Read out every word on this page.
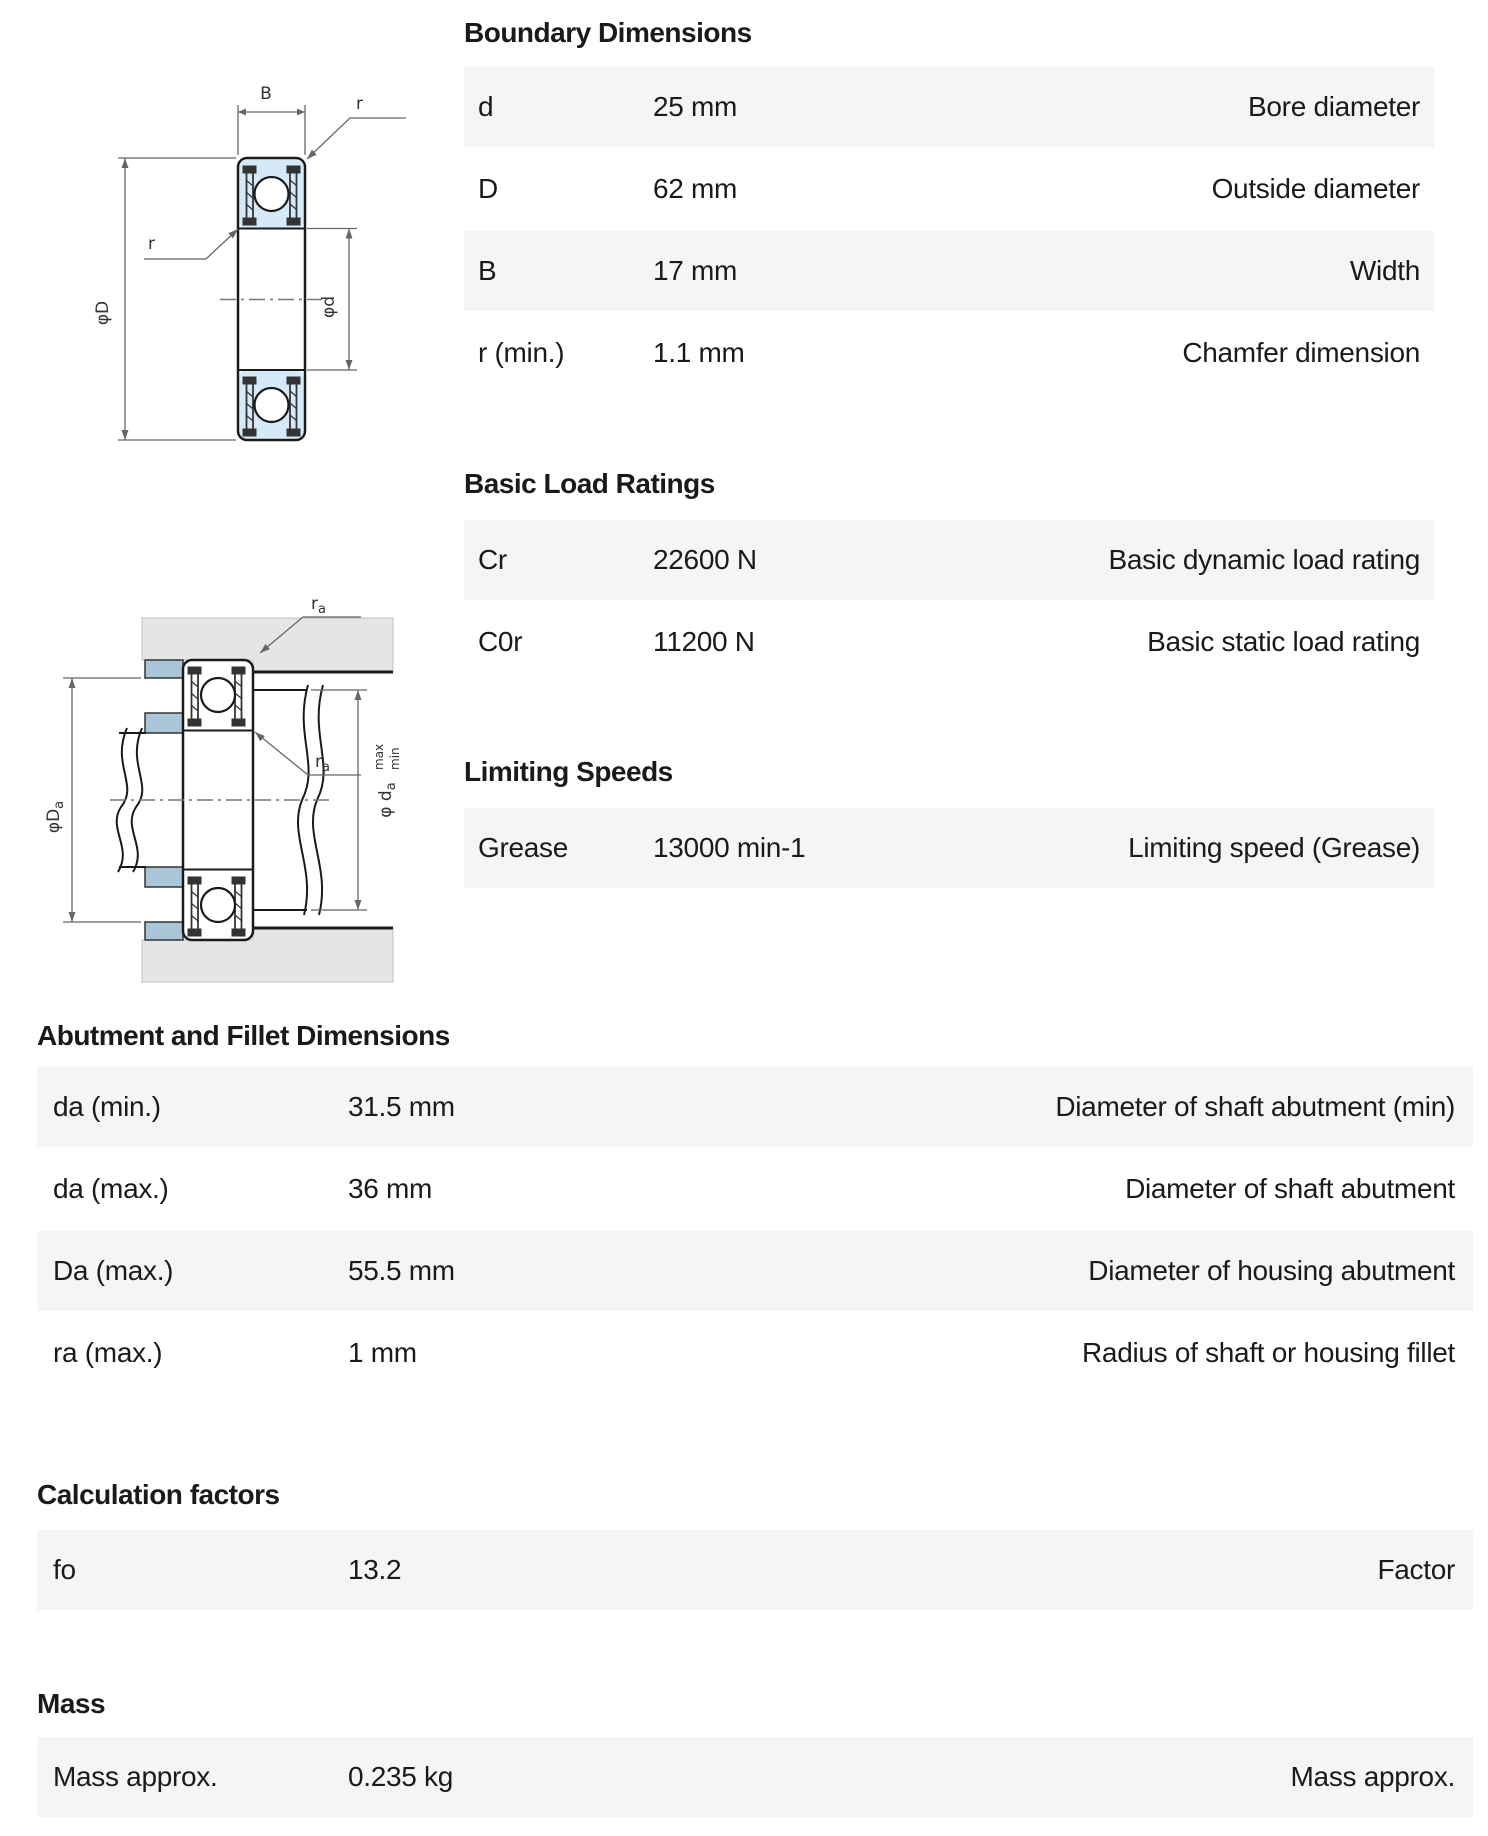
B	r
r
φD	φd
$r_a$
$r_a$
$\varphi D_a$	φ $d_a$
max min
Boundary Dimensions
d	25 mm	Bore diameter
D	62 mm	Outside diameter
B	17 mm	Width
r (min.)	1.1 mm	Chamfer dimension
Basic Load Ratings
Cr	22600 N	Basic dynamic load rating
C0r	11200 N	Basic static load rating
Limiting Speeds
Grease	13000 min-1	Limiting speed (Grease)
Abutment and Fillet Dimensions
da (min.)	31.5 mm	Diameter of shaft abutment (min)
da (max.)	36 mm	Diameter of shaft abutment
Da (max.)	55.5 mm	Diameter of housing abutment
ra (max.)	1 mm	Radius of shaft or housing fillet
Calculation factors
fo	13.2	Factor
Mass
Mass approx.	0.235 kg	Mass approx.
